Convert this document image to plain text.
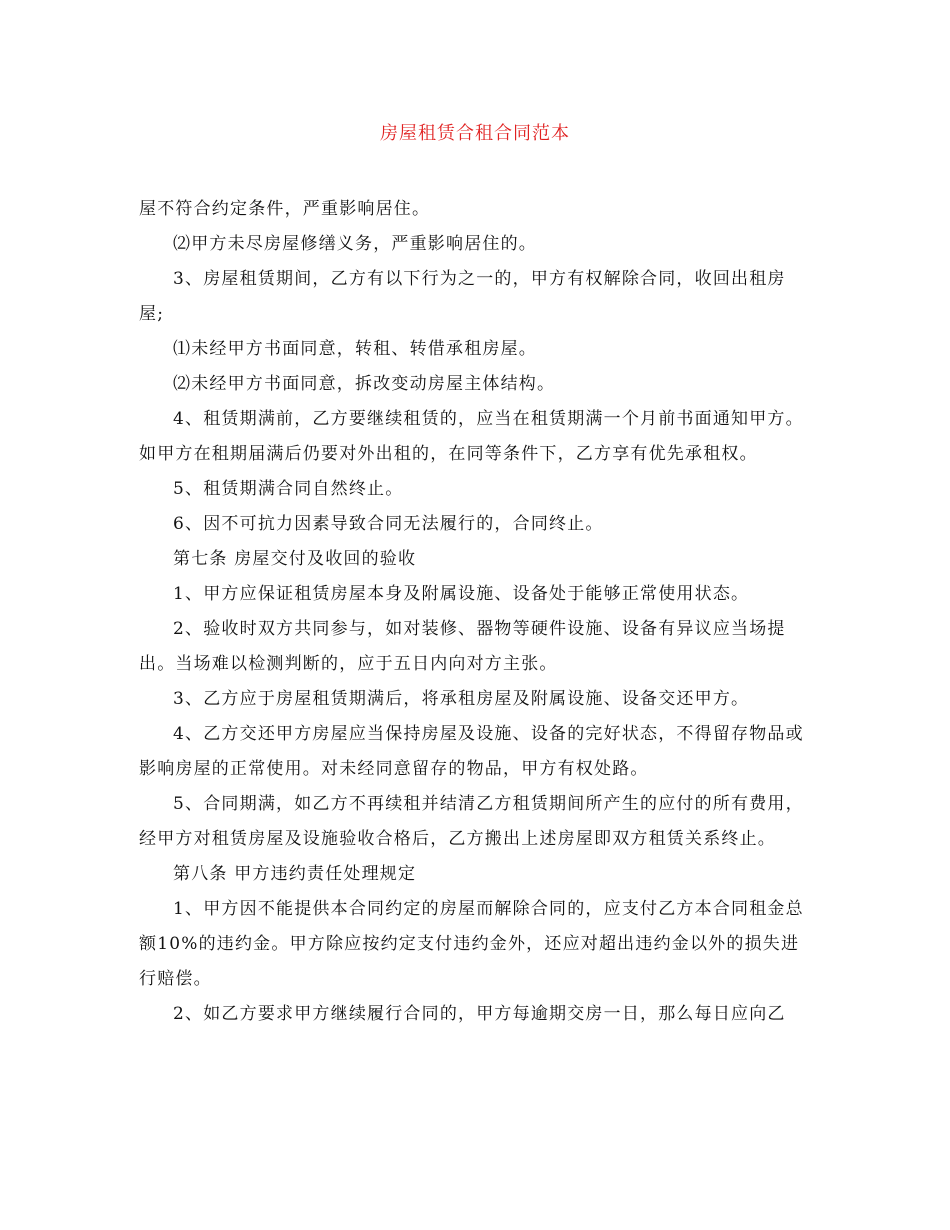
房屋租赁合租合同范本

屋不符合约定条件，严重影响居住。

⑵甲方未尽房屋修缮义务，严重影响居住的。

3、房屋租赁期间，乙方有以下行为之一的，甲方有权解除合同，收回出租房屋;

⑴未经甲方书面同意，转租、转借承租房屋。

⑵未经甲方书面同意，拆改变动房屋主体结构。

4、租赁期满前，乙方要继续租赁的，应当在租赁期满一个月前书面通知甲方。如甲方在租期届满后仍要对外出租的，在同等条件下，乙方享有优先承租权。

5、租赁期满合同自然终止。

6、因不可抗力因素导致合同无法履行的，合同终止。

第七条 房屋交付及收回的验收

1、甲方应保证租赁房屋本身及附属设施、设备处于能够正常使用状态。

2、验收时双方共同参与，如对装修、器物等硬件设施、设备有异议应当场提出。当场难以检测判断的，应于五日内向对方主张。

3、乙方应于房屋租赁期满后，将承租房屋及附属设施、设备交还甲方。

4、乙方交还甲方房屋应当保持房屋及设施、设备的完好状态，不得留存物品或影响房屋的正常使用。对未经同意留存的物品，甲方有权处路。

5、合同期满，如乙方不再续租并结清乙方租赁期间所产生的应付的所有费用，经甲方对租赁房屋及设施验收合格后，乙方搬出上述房屋即双方租赁关系终止。

第八条 甲方违约责任处理规定

1、甲方因不能提供本合同约定的房屋而解除合同的，应支付乙方本合同租金总额10%的违约金。甲方除应按约定支付违约金外，还应对超出违约金以外的损失进行赔偿。

2、如乙方要求甲方继续履行合同的，甲方每逾期交房一日，那么每日应向乙
